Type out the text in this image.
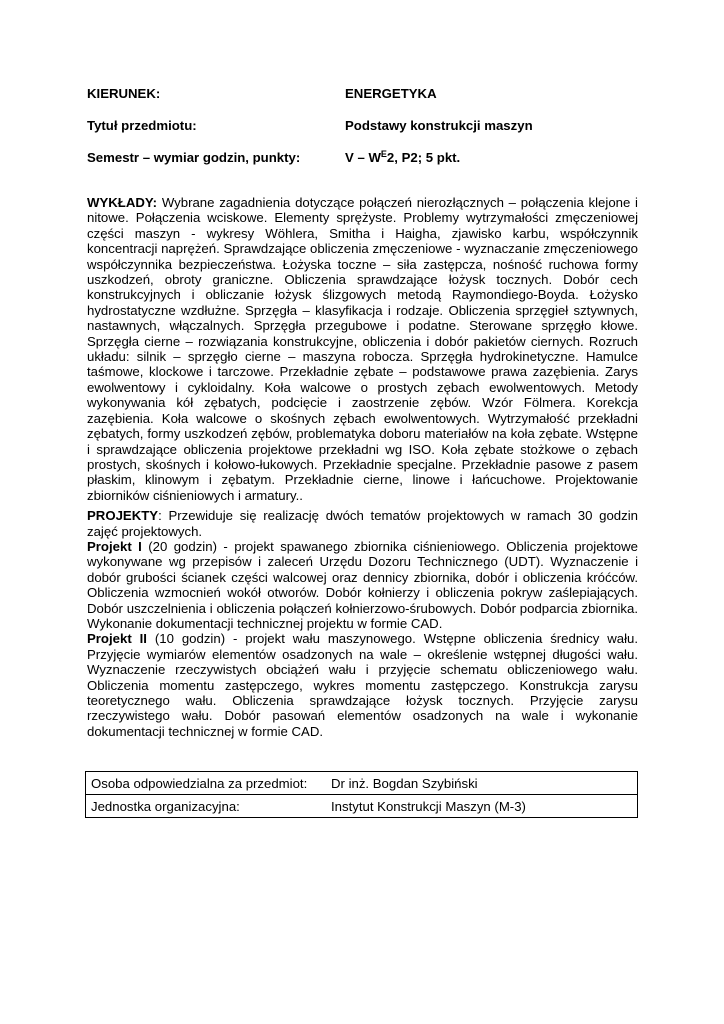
KIERUNEK:	ENERGETYKA
Tytuł przedmiotu:	Podstawy konstrukcji maszyn
Semestr – wymiar godzin, punkty:	V – $W^E2$, P2; 5 pkt.

WYKŁADY: Wybrane zagadnienia dotyczące połączeń nierozłącznych – połączenia klejone i nitowe. Połączenia wciskowe. Elementy sprężyste. Problemy wytrzymałości zmęczeniowej części maszyn - wykresy Wöhlera, Smitha i Haigha, zjawisko karbu, współczynnik koncentracji naprężeń. Sprawdzające obliczenia zmęczeniowe - wyznaczanie zmęczeniowego współczynnika bezpieczeństwa. Łożyska toczne – siła zastępcza, nośność ruchowa formy uszkodzeń, obroty graniczne. Obliczenia sprawdzające łożysk tocznych. Dobór cech konstrukcyjnych i obliczanie łożysk ślizgowych metodą Raymondiego-Boyda. Łożysko hydrostatyczne wzdłużne. Sprzęgła – klasyfikacja i rodzaje. Obliczenia sprzęgieł sztywnych, nastawnych, włączalnych. Sprzęgła przegubowe i podatne. Sterowane sprzęgło kłowe. Sprzęgła cierne – rozwiązania konstrukcyjne, obliczenia i dobór pakietów ciernych. Rozruch układu: silnik – sprzęgło cierne – maszyna robocza. Sprzęgła hydrokinetyczne. Hamulce taśmowe, klockowe i tarczowe. Przekładnie zębate – podstawowe prawa zazębienia. Zarys ewolwentowy i cykloidalny. Koła walcowe o prostych zębach ewolwentowych. Metody wykonywania kół zębatych, podcięcie i zaostrzenie zębów. Wzór Fölmera. Korekcja zazębienia. Koła walcowe o skośnych zębach ewolwentowych. Wytrzymałość przekładni zębatych, formy uszkodzeń zębów, problematyka doboru materiałów na koła zębate. Wstępne i sprawdzające obliczenia projektowe przekładni wg ISO. Koła zębate stożkowe o zębach prostych, skośnych i kołowo-łukowych. Przekładnie specjalne. Przekładnie pasowe z pasem płaskim, klinowym i zębatym. Przekładnie cierne, linowe i łańcuchowe. Projektowanie zbiorników ciśnieniowych i armatury..

PROJEKTY: Przewiduje się realizację dwóch tematów projektowych w ramach 30 godzin zajęć projektowych.

Projekt I (20 godzin) - projekt spawanego zbiornika ciśnieniowego. Obliczenia projektowe wykonywane wg przepisów i zaleceń Urzędu Dozoru Technicznego (UDT). Wyznaczenie i dobór grubości ścianek części walcowej oraz dennicy zbiornika, dobór i obliczenia króćców. Obliczenia wzmocnień wokół otworów. Dobór kołnierzy i obliczenia pokryw zaślepiających. Dobór uszczelnienia i obliczenia połączeń kołnierzowo-śrubowych. Dobór podparcia zbiornika. Wykonanie dokumentacji technicznej projektu w formie CAD.

Projekt II (10 godzin) - projekt wału maszynowego. Wstępne obliczenia średnicy wału. Przyjęcie wymiarów elementów osadzonych na wale – określenie wstępnej długości wału. Wyznaczenie rzeczywistych obciążeń wału i przyjęcie schematu obliczeniowego wału. Obliczenia momentu zastępczego, wykres momentu zastępczego. Konstrukcja zarysu teoretycznego wału. Obliczenia sprawdzające łożysk tocznych. Przyjęcie zarysu rzeczywistego wału. Dobór pasowań elementów osadzonych na wale i wykonanie dokumentacji technicznej w formie CAD.

Osoba odpowiedzialna za przedmiot:	Dr inż. Bogdan Szybiński
Jednostka organizacyjna:	Instytut Konstrukcji Maszyn (M-3)
